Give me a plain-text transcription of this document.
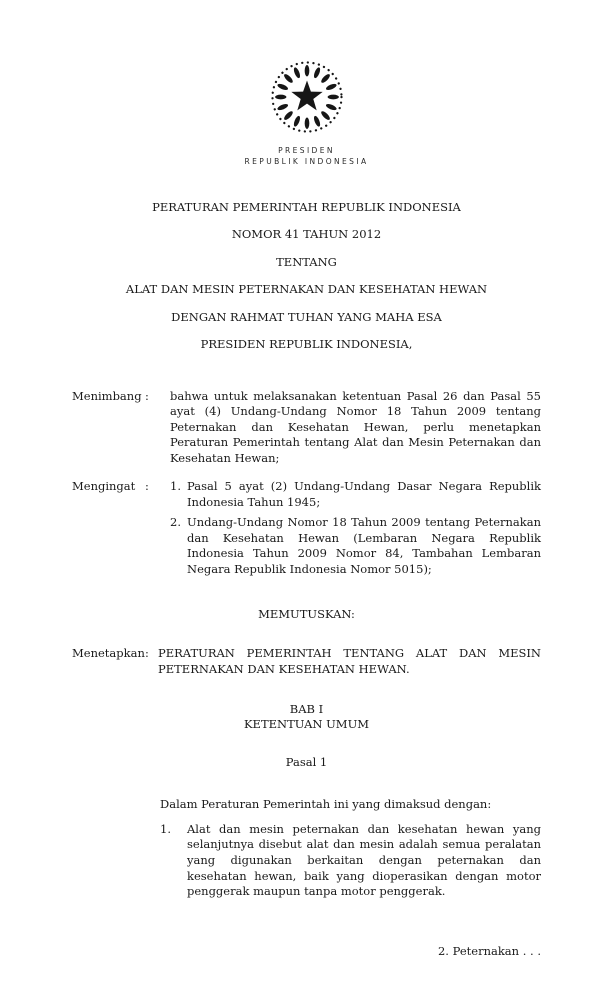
PRESIDEN
REPUBLIK INDONESIA
PERATURAN PEMERINTAH REPUBLIK INDONESIA
NOMOR 41 TAHUN 2012
TENTANG
ALAT DAN MESIN PETERNAKAN DAN KESEHATAN HEWAN
DENGAN RAHMAT TUHAN YANG MAHA ESA
PRESIDEN REPUBLIK INDONESIA,
Menimbang :	bahwa untuk melaksanakan ketentuan Pasal 26 dan Pasal 55 ayat (4) Undang-Undang Nomor 18 Tahun 2009 tentang Peternakan dan Kesehatan Hewan, perlu menetapkan Peraturan Pemerintah tentang Alat dan Mesin Peternakan dan Kesehatan Hewan;
Mengingat :	1. Pasal 5 ayat (2) Undang-Undang Dasar Negara Republik Indonesia Tahun 1945;
2. Undang-Undang Nomor 18 Tahun 2009 tentang Peternakan dan Kesehatan Hewan (Lembaran Negara Republik Indonesia Tahun 2009 Nomor 84, Tambahan Lembaran Negara Republik Indonesia Nomor 5015);
MEMUTUSKAN:
Menetapkan : PERATURAN PEMERINTAH TENTANG ALAT DAN MESIN PETERNAKAN DAN KESEHATAN HEWAN.
BAB I
KETENTUAN UMUM
Pasal 1
Dalam Peraturan Pemerintah ini yang dimaksud dengan:
1.	Alat dan mesin peternakan dan kesehatan hewan yang selanjutnya disebut alat dan mesin adalah semua peralatan yang digunakan berkaitan dengan peternakan dan kesehatan hewan, baik yang dioperasikan dengan motor penggerak maupun tanpa motor penggerak.
2. Peternakan . . .
